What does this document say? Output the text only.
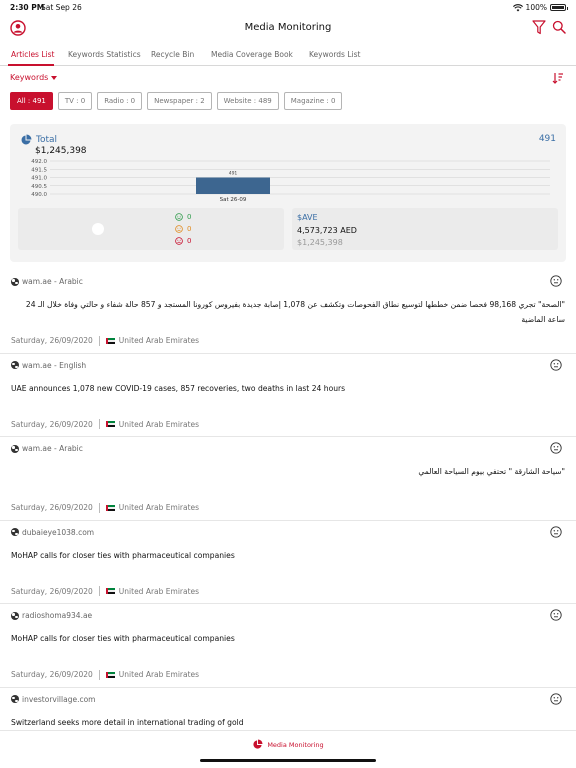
2:30 PM
Sat Sep 26	100%
Media Monitoring
Articles List Keywords Statistics Recycle Bin Media Coverage Book Keywords List
Keywords
All : 491	TV : 0	Radio : 0	Newspaper : 2	Website : 489	Magazine : 0
Total
$1,245,398
491
492.0
491.5
491.0
490.5
490.0
491
Sat 26-09
0
0
0
$AVE
4,573,723 AED
$1,245,398
wam.ae - Arabic
"الصحة" تجري 98,168 فحصا ضمن خططها لتوسيع نطاق الفحوصات وتكشف عن 1,078 إصابة جديدة بفيروس كورونا المستجد و 857 حالة شفاء و حالتي وفاة خلال الـ 24 ساعة الماضية
Saturday, 26/09/2020	United Arab Emirates
wam.ae - English
UAE announces 1,078 new COVID-19 cases, 857 recoveries, two deaths in last 24 hours
Saturday, 26/09/2020	United Arab Emirates
wam.ae - Arabic
"سياحة الشارقة " تحتفي بيوم السياحة العالمي
Saturday, 26/09/2020	United Arab Emirates
dubaieye1038.com
MoHAP calls for closer ties with pharmaceutical companies
Saturday, 26/09/2020	United Arab Emirates
radioshoma934.ae
MoHAP calls for closer ties with pharmaceutical companies
Saturday, 26/09/2020	United Arab Emirates
investorvillage.com
Switzerland seeks more detail in international trading of gold
Media Monitoring
